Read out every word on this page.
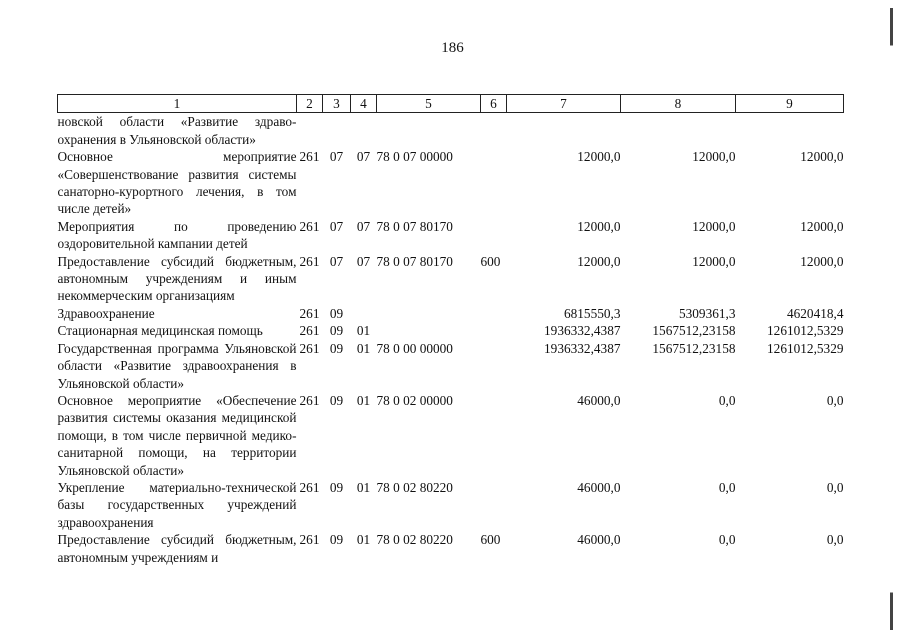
186
1	2	3	4	5	6	7	8	9
новской области «Развитие здраво-охранения в Ульяновской области»								
Основное мероприятие «Совершенствование развития системы санаторно-курортного лечения, в том числе детей»	261	07	07	78 0 07 00000		12000,0	12000,0	12000,0
Мероприятия по проведению оздоровительной кампании детей	261	07	07	78 0 07 80170		12000,0	12000,0	12000,0
Предоставление субсидий бюджетным, автономным учреждениям и иным некоммерческим организациям	261	07	07	78 0 07 80170	600	12000,0	12000,0	12000,0
Здравоохранение	261	09				6815550,3	5309361,3	4620418,4
Стационарная медицинская помощь	261	09	01			1936332,4387	1567512,23158	1261012,5329
Государственная программа Ульяновской области «Развитие здравоохранения в Ульяновской области»	261	09	01	78 0 00 00000		1936332,4387	1567512,23158	1261012,5329
Основное мероприятие «Обеспечение развития системы оказания медицинской помощи, в том числе первичной медико-санитарной помощи, на территории Ульяновской области»	261	09	01	78 0 02 00000		46000,0	0,0	0,0
Укрепление материально-технической базы государственных учреждений здравоохранения	261	09	01	78 0 02 80220		46000,0	0,0	0,0
Предоставление субсидий бюджетным, автономным учреждениям и	261	09	01	78 0 02 80220	600	46000,0	0,0	0,0
